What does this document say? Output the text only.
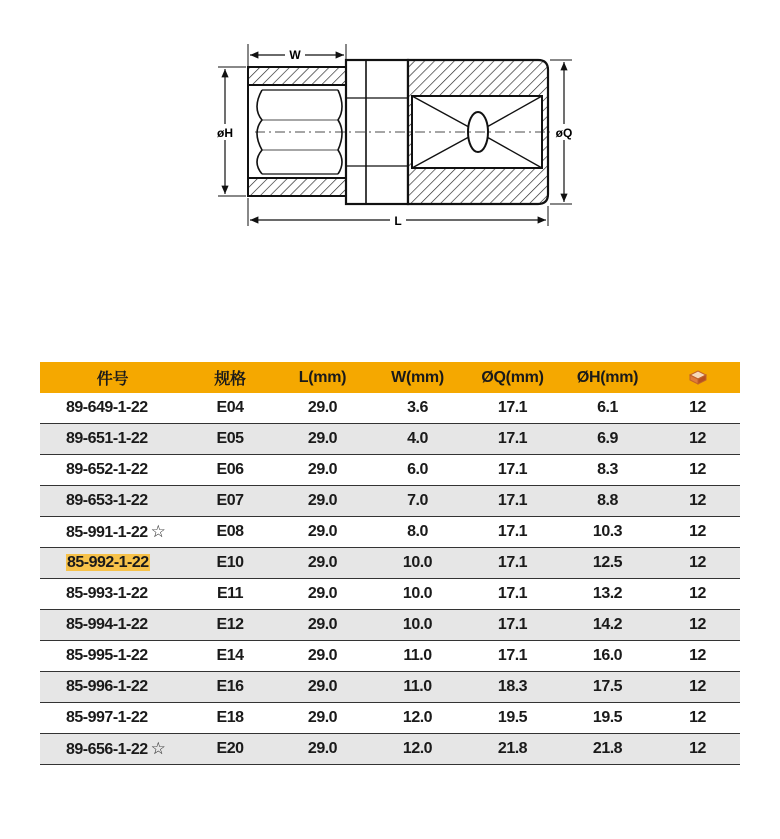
W
L
øH	øQ
件号	规格	L(mm)	W(mm)	ØQ(mm)	ØH(mm)	
89-649-1-22	E04	29.0	3.6	17.1	6.1	12
89-651-1-22	E05	29.0	4.0	17.1	6.9	12
89-652-1-22	E06	29.0	6.0	17.1	8.3	12
89-653-1-22	E07	29.0	7.0	17.1	8.8	12
85-991-1-22 ☆	E08	29.0	8.0	17.1	10.3	12
85-992-1-22	E10	29.0	10.0	17.1	12.5	12
85-993-1-22	E11	29.0	10.0	17.1	13.2	12
85-994-1-22	E12	29.0	10.0	17.1	14.2	12
85-995-1-22	E14	29.0	11.0	17.1	16.0	12
85-996-1-22	E16	29.0	11.0	18.3	17.5	12
85-997-1-22	E18	29.0	12.0	19.5	19.5	12
89-656-1-22 ☆	E20	29.0	12.0	21.8	21.8	12
